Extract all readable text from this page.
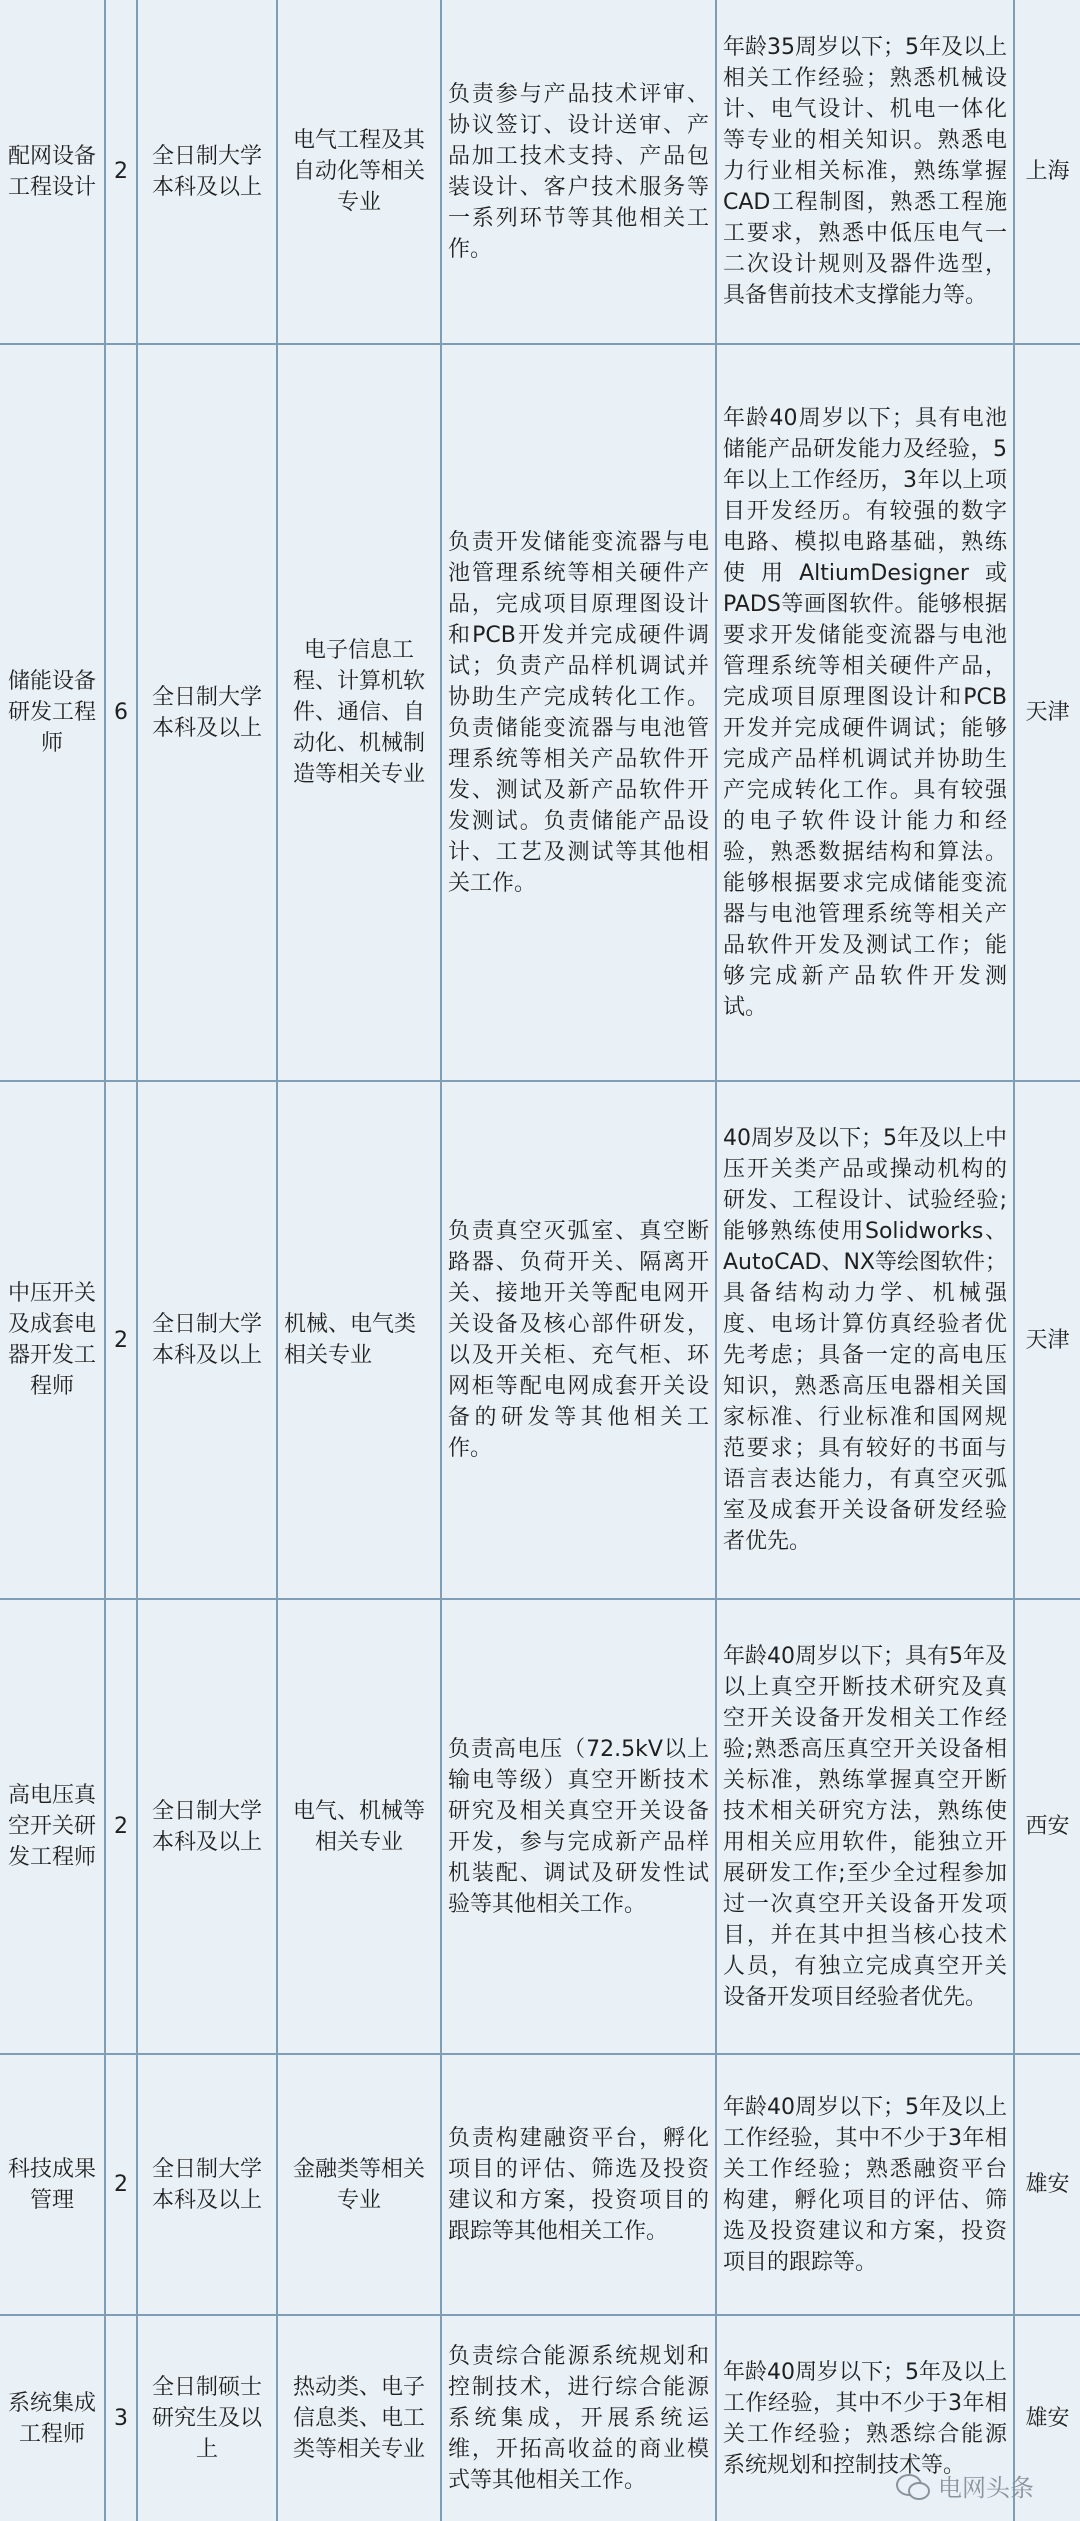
配网设备工程设计
2
全日制大学本科及以上
电气工程及其自动化等相关专业
负责参与产品技术评审、协议签订、设计送审、产品加工技术支持、产品包装设计、客户技术服务等一系列环节等其他相关工作。
年龄35周岁以下；5年及以上相关工作经验；熟悉机械设计、电气设计、机电一体化等专业的相关知识。熟悉电力行业相关标准，熟练掌握CAD工程制图，熟悉工程施工要求，熟悉中低压电气一二次设计规则及器件选型，具备售前技术支撑能力等。
上海
储能设备研发工程师
6
全日制大学本科及以上
电子信息工程、计算机软件、通信、自动化、机械制造等相关专业
负责开发储能变流器与电池管理系统等相关硬件产品，完成项目原理图设计和PCB开发并完成硬件调试；负责产品样机调试并协助生产完成转化工作。负责储能变流器与电池管理系统等相关产品软件开发、测试及新产品软件开发测试。负责储能产品设计、工艺及测试等其他相关工作。
年龄40周岁以下；具有电池储能产品研发能力及经验，5年以上工作经历，3年以上项目开发经历。有较强的数字电路、模拟电路基础，熟练使用AltiumDesigner或PADS等画图软件。能够根据要求开发储能变流器与电池管理系统等相关硬件产品，完成项目原理图设计和PCB开发并完成硬件调试；能够完成产品样机调试并协助生产完成转化工作。具有较强的电子软件设计能力和经验，熟悉数据结构和算法。能够根据要求完成储能变流器与电池管理系统等相关产品软件开发及测试工作；能够完成新产品软件开发测试。
天津
中压开关及成套电器开发工程师
2
全日制大学本科及以上
机械、电气类相关专业
负责真空灭弧室、真空断路器、负荷开关、隔离开关、接地开关等配电网开关设备及核心部件研发，以及开关柜、充气柜、环网柜等配电网成套开关设备的研发等其他相关工作。
40周岁及以下；5年及以上中压开关类产品或操动机构的研发、工程设计、试验经验;能够熟练使用Solidworks、AutoCAD、NX等绘图软件；具备结构动力学、机械强度、电场计算仿真经验者优先考虑；具备一定的高电压知识，熟悉高压电器相关国家标准、行业标准和国网规范要求；具有较好的书面与语言表达能力，有真空灭弧室及成套开关设备研发经验者优先。
天津
高电压真空开关研发工程师
2
全日制大学本科及以上
电气、机械等相关专业
负责高电压（72.5kV以上输电等级）真空开断技术研究及相关真空开关设备开发，参与完成新产品样机装配、调试及研发性试验等其他相关工作。
年龄40周岁以下；具有5年及以上真空开断技术研究及真空开关设备开发相关工作经验;熟悉高压真空开关设备相关标准，熟练掌握真空开断技术相关研究方法，熟练使用相关应用软件，能独立开展研发工作;至少全过程参加过一次真空开关设备开发项目，并在其中担当核心技术人员，有独立完成真空开关设备开发项目经验者优先。
西安
科技成果管理
2
全日制大学本科及以上
金融类等相关专业
负责构建融资平台，孵化项目的评估、筛选及投资建议和方案，投资项目的跟踪等其他相关工作。
年龄40周岁以下；5年及以上工作经验，其中不少于3年相关工作经验；熟悉融资平台构建，孵化项目的评估、筛选及投资建议和方案，投资项目的跟踪等。
雄安
系统集成工程师
3
全日制硕士研究生及以上
热动类、电子信息类、电工类等相关专业
负责综合能源系统规划和控制技术，进行综合能源系统集成，开展系统运维，开拓高收益的商业模式等其他相关工作。
年龄40周岁以下；5年及以上工作经验，其中不少于3年相关工作经验；熟悉综合能源系统规划和控制技术等。
雄安
电网头条
